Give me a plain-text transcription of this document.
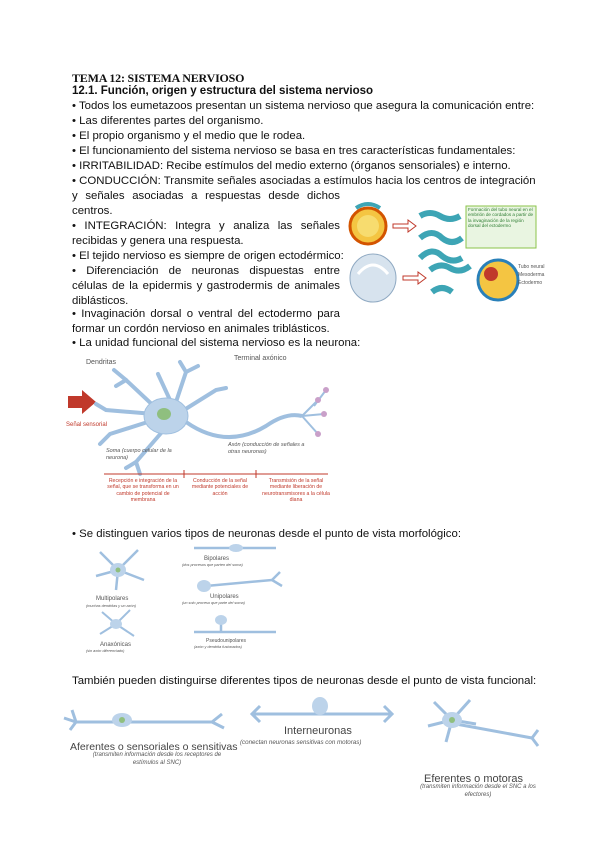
TEMA 12: SISTEMA NERVIOSO
12.1. Función, origen y estructura del sistema nervioso
• Todos los eumetazoos presentan un sistema nervioso que asegura la comunicación entre:
• Las diferentes partes del organismo.
• El propio organismo y el medio que le rodea.
• El funcionamiento del sistema nervioso se basa en tres características fundamentales:
• IRRITABILIDAD: Recibe estímulos del medio externo (órganos sensoriales) e interno.
• CONDUCCIÓN: Transmite señales asociadas a estímulos hacia los centros de integración
y señales asociadas a respuestas desde dichos centros.
• INTEGRACIÓN: Integra y analiza las señales recibidas y genera una respuesta.
• El tejido nervioso es siempre de origen ectodérmico:
• Diferenciación de neuronas dispuestas entre células de la epidermis y gastrodermis de animales diblásticos.
• Invaginación dorsal o ventral del ectodermo para formar un cordón nervioso en animales triblásticos.
• La unidad funcional del sistema nervioso es la neurona:
Formación del tubo neural en el embrión de cordados a partir de la invaginación de la región dorsal del ectodermo
Tubo neural
Mesoderma
Ectodermo
Dendritas
Terminal axónico
Señal sensorial
Soma (cuerpo celular de la neurona)
Axón (conducción de señales a otras neuronas)
Recepción e integración de la señal, que se transforma en un cambio de potencial de membrana
Conducción de la señal mediante potenciales de acción
Transmisión de la señal mediante liberación de neurotransmisores a la célula diana
• Se distinguen varios tipos de neuronas desde el punto de vista morfológico:
Multipolares
(muchas dendritas y un axón)
Bipolares
(dos procesos que parten del soma)
Unipolares
(un solo proceso que parte del soma)
Anaxónicas
(sin axón diferenciado)
Pseudounipolares
(axón y dendrita fusionados)
También pueden distinguirse diferentes tipos de neuronas desde el punto de vista funcional:
Aferentes o sensoriales o sensitivas
(transmiten información desde los receptores de estímulos al SNC)
Interneuronas
(conectan neuronas sensitivas con motoras)
Eferentes o motoras
(transmiten información desde el SNC a los efectores)
